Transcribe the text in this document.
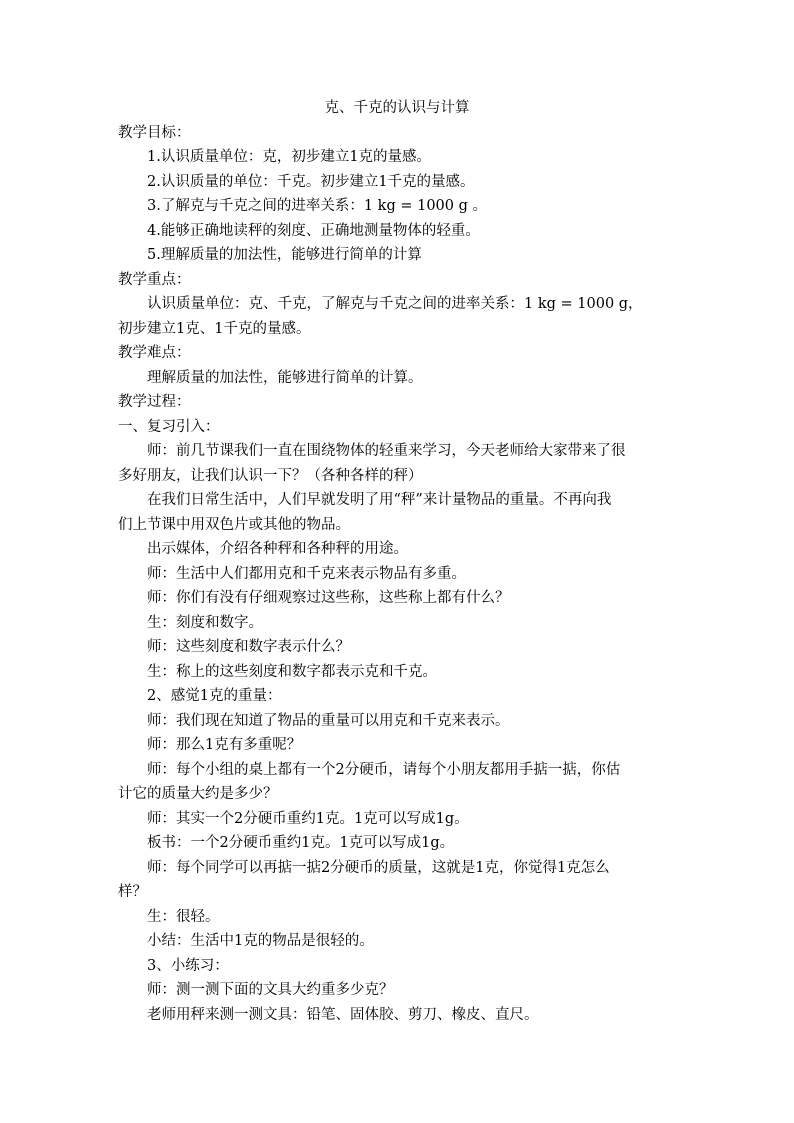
克、千克的认识与计算
教学目标：
1.认识质量单位：克，初步建立1克的量感。
2.认识质量的单位：千克。初步建立1千克的量感。
3.了解克与千克之间的进率关系：1 kg = 1000 g 。
4.能够正确地读秤的刻度、正确地测量物体的轻重。
5.理解质量的加法性，能够进行简单的计算
教学重点：
认识质量单位：克、千克，了解克与千克之间的进率关系：1 kg = 1000 g，
初步建立1克、1千克的量感。
教学难点：
理解质量的加法性，能够进行简单的计算。
教学过程：
一、复习引入：
师：前几节课我们一直在围绕物体的轻重来学习，今天老师给大家带来了很
多好朋友，让我们认识一下？（各种各样的秤）
在我们日常生活中，人们早就发明了用“秤”来计量物品的重量。不再向我
们上节课中用双色片或其他的物品。
出示媒体，介绍各种秤和各种秤的用途。
师：生活中人们都用克和千克来表示物品有多重。
师：你们有没有仔细观察过这些称，这些称上都有什么？
生：刻度和数字。
师：这些刻度和数字表示什么？
生：称上的这些刻度和数字都表示克和千克。
2、感觉1克的重量：
师：我们现在知道了物品的重量可以用克和千克来表示。
师：那么1克有多重呢？
师：每个小组的桌上都有一个2分硬币，请每个小朋友都用手掂一掂，你估
计它的质量大约是多少？
师：其实一个2分硬币重约1克。1克可以写成1g。
板书：一个2分硬币重约1克。1克可以写成1g。
师：每个同学可以再掂一掂2分硬币的质量，这就是1克，你觉得1克怎么
样？
生：很轻。
小结：生活中1克的物品是很轻的。
3、小练习：
师：测一测下面的文具大约重多少克？
老师用秤来测一测文具：铅笔、固体胶、剪刀、橡皮、直尺。
